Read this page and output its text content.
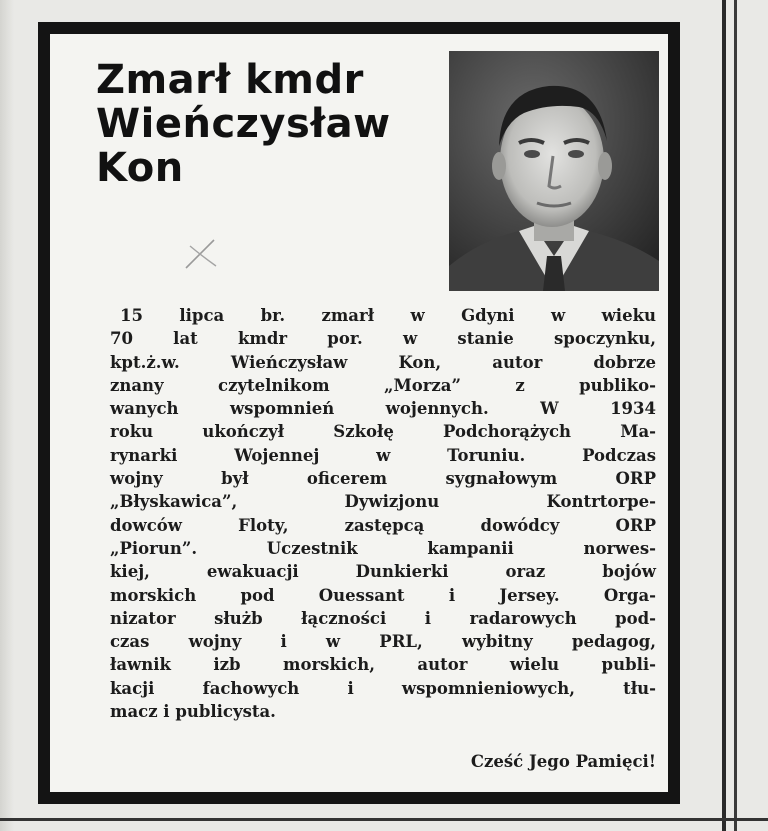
Zmarł kmdr
Wieńczysław
Kon
15 lipca br. zmarł w Gdyni w wieku
70 lat kmdr por. w stanie spoczynku,
kpt.ż.w. Wieńczysław Kon, autor dobrze
znany czytelnikom „Morza” z publiko-
wanych wspomnień wojennych. W 1934
roku ukończył Szkołę Podchorążych Ma-
rynarki Wojennej w Toruniu. Podczas
wojny był oficerem sygnałowym ORP
„Błyskawica”, Dywizjonu Kontrtorpe-
dowców Floty, zastępcą dowódcy ORP
„Piorun”. Uczestnik kampanii norwes-
kiej, ewakuacji Dunkierki oraz bojów
morskich pod Ouessant i Jersey. Orga-
nizator służb łączności i radarowych pod-
czas wojny i w PRL, wybitny pedagog,
ławnik izb morskich, autor wielu publi-
kacji fachowych i wspomnieniowych, tłu-
macz i publicysta.
Cześć Jego Pamięci!
